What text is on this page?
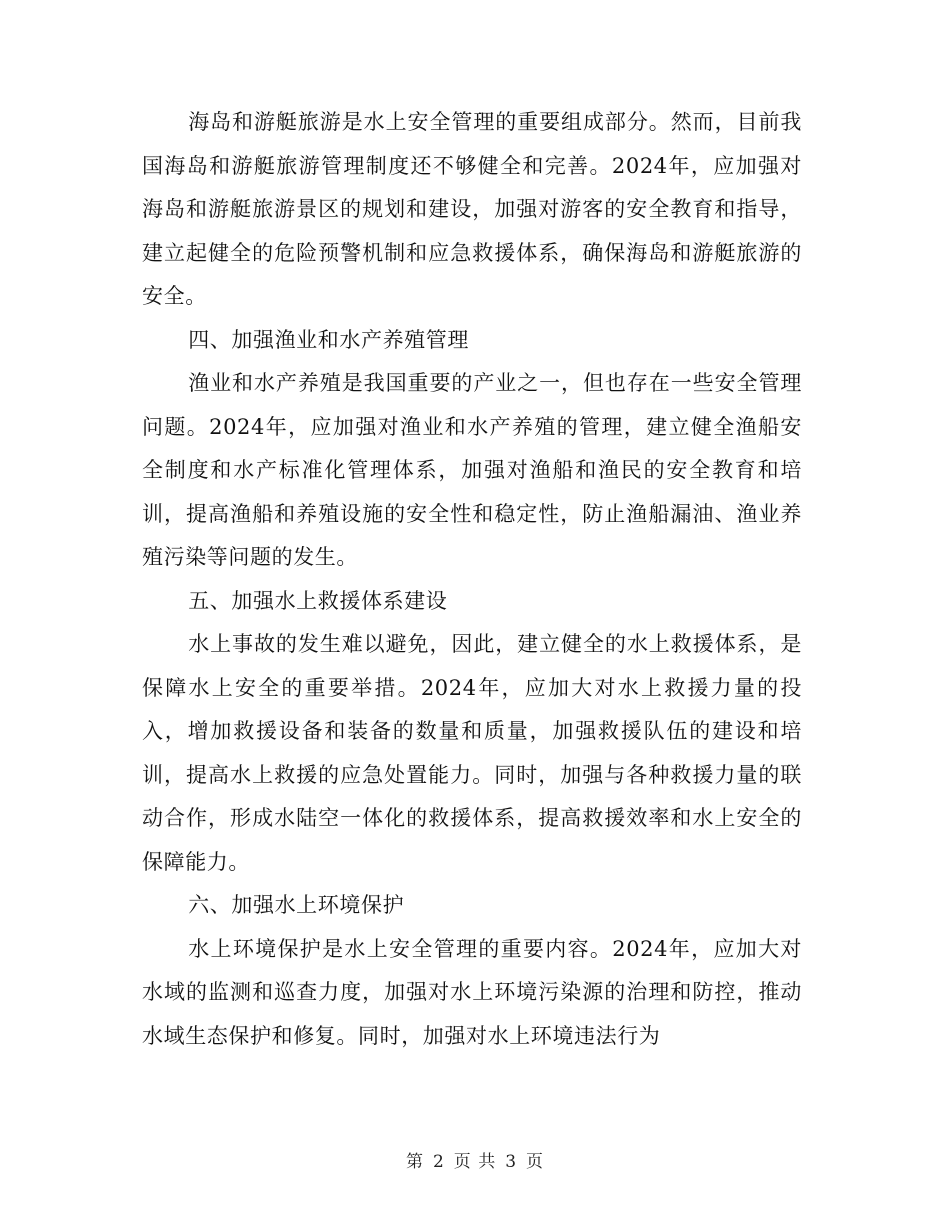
海岛和游艇旅游是水上安全管理的重要组成部分。然而，目前我国海岛和游艇旅游管理制度还不够健全和完善。2024年，应加强对海岛和游艇旅游景区的规划和建设，加强对游客的安全教育和指导，建立起健全的危险预警机制和应急救援体系，确保海岛和游艇旅游的安全。

四、加强渔业和水产养殖管理

渔业和水产养殖是我国重要的产业之一，但也存在一些安全管理问题。2024年，应加强对渔业和水产养殖的管理，建立健全渔船安全制度和水产标准化管理体系，加强对渔船和渔民的安全教育和培训，提高渔船和养殖设施的安全性和稳定性，防止渔船漏油、渔业养殖污染等问题的发生。

五、加强水上救援体系建设

水上事故的发生难以避免，因此，建立健全的水上救援体系，是保障水上安全的重要举措。2024年，应加大对水上救援力量的投入，增加救援设备和装备的数量和质量，加强救援队伍的建设和培训，提高水上救援的应急处置能力。同时，加强与各种救援力量的联动合作，形成水陆空一体化的救援体系，提高救援效率和水上安全的保障能力。

六、加强水上环境保护

水上环境保护是水上安全管理的重要内容。2024年，应加大对水域的监测和巡查力度，加强对水上环境污染源的治理和防控，推动水域生态保护和修复。同时，加强对水上环境违法行为

第 2 页 共 3 页
